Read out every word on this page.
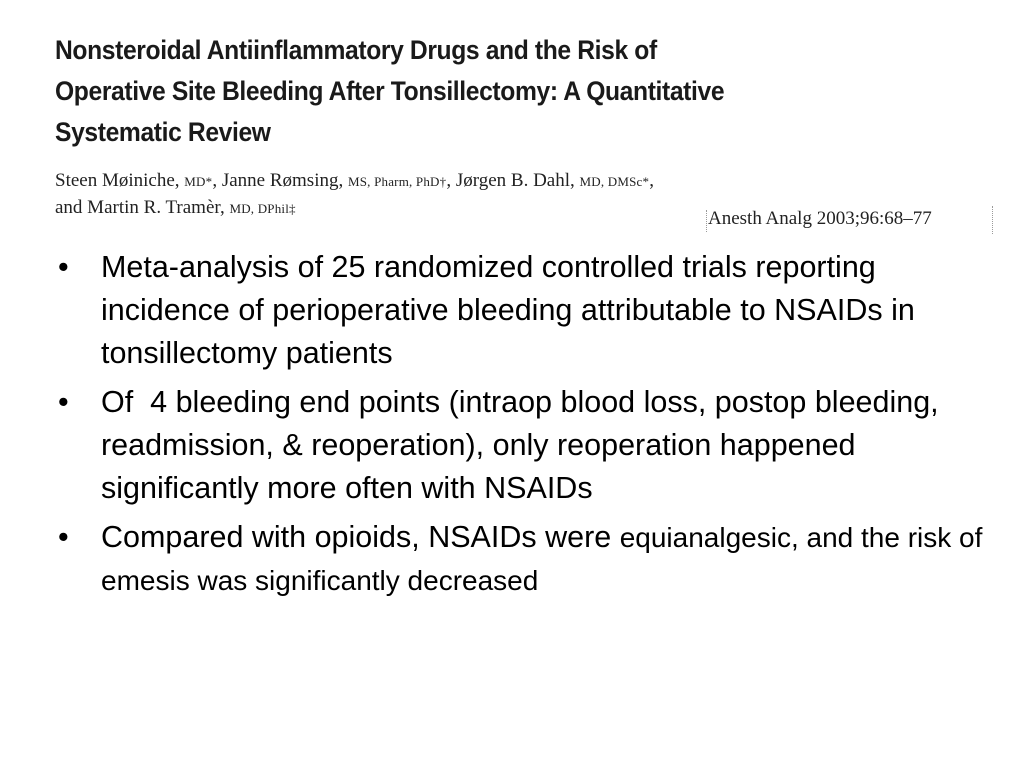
Nonsteroidal Antiinflammatory Drugs and the Risk of
Operative Site Bleeding After Tonsillectomy: A Quantitative
Systematic Review
Steen Møiniche, MD*, Janne Rømsing, MS, Pharm, PhD†, Jørgen B. Dahl, MD, DMSc*,
and Martin R. Tramèr, MD, DPhil‡	Anesth Analg 2003;96:68–77
• Meta-analysis of 25 randomized controlled trials reporting incidence of perioperative bleeding attributable to NSAIDs in tonsillectomy patients
• Of  4 bleeding end points (intraop blood loss, postop bleeding, readmission, & reoperation), only reoperation happened significantly more often with NSAIDs
• Compared with opioids, NSAIDs were equianalgesic, and the risk of emesis was significantly decreased
